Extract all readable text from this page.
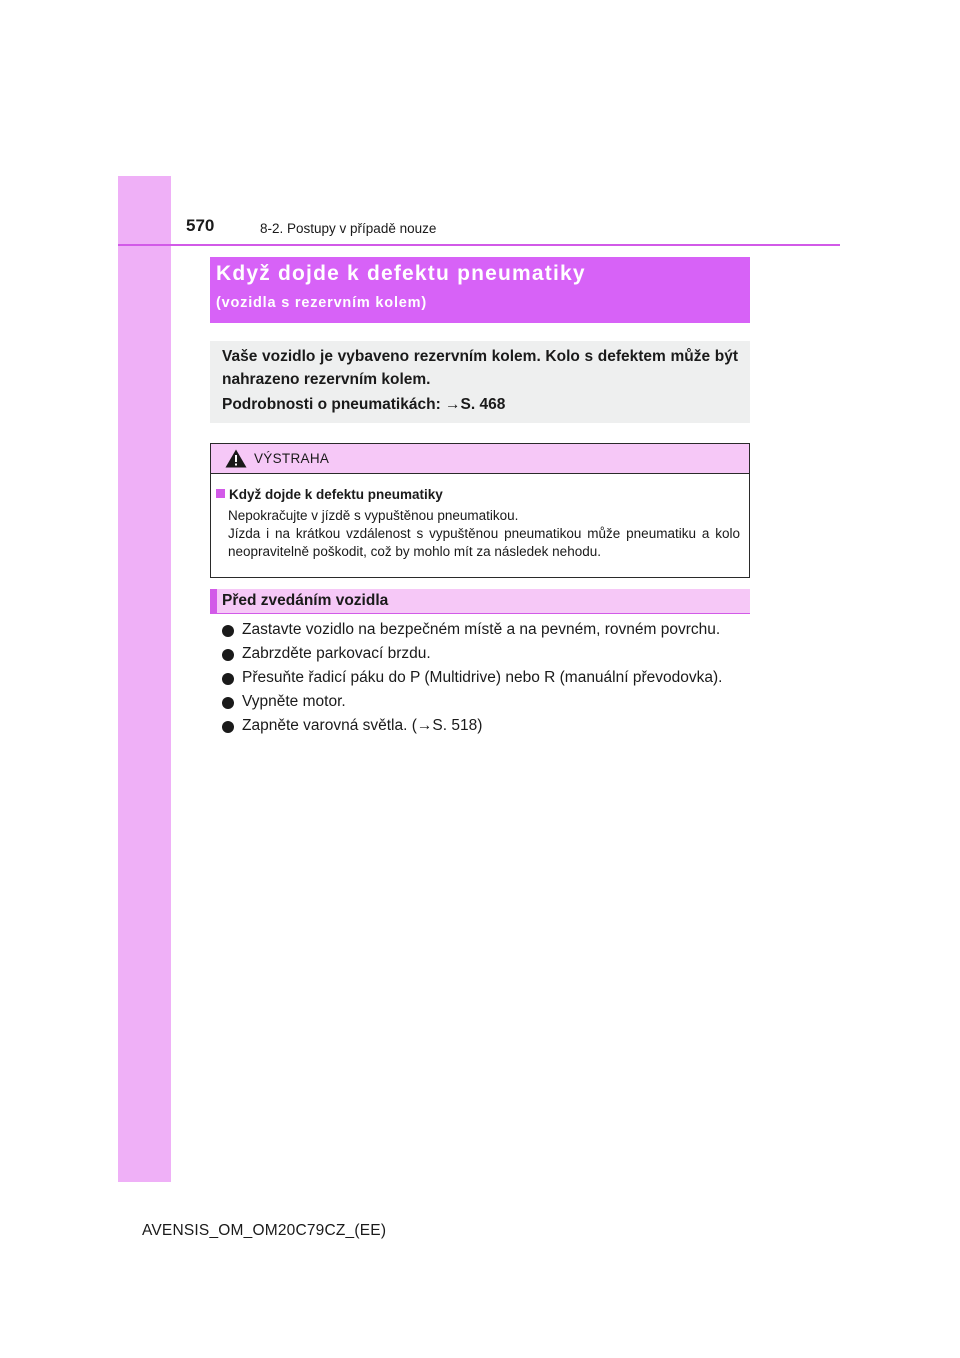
570	8-2. Postupy v případě nouze
Když dojde k defektu pneumatiky
(vozidla s rezervním kolem)
Vaše vozidlo je vybaveno rezervním kolem. Kolo s defektem může být nahrazeno rezervním kolem.
Podrobnosti o pneumatikách: →S. 468
VÝSTRAHA
Když dojde k defektu pneumatiky
Nepokračujte v jízdě s vypuštěnou pneumatikou.
Jízda i na krátkou vzdálenost s vypuštěnou pneumatikou může pneumatiku a kolo neopravitelně poškodit, což by mohlo mít za následek nehodu.
Před zvedáním vozidla
Zastavte vozidlo na bezpečném místě a na pevném, rovném povrchu.
Zabrzděte parkovací brzdu.
Přesuňte řadicí páku do P (Multidrive) nebo R (manuální převodovka).
Vypněte motor.
Zapněte varovná světla. (→S. 518)
AVENSIS_OM_OM20C79CZ_(EE)
